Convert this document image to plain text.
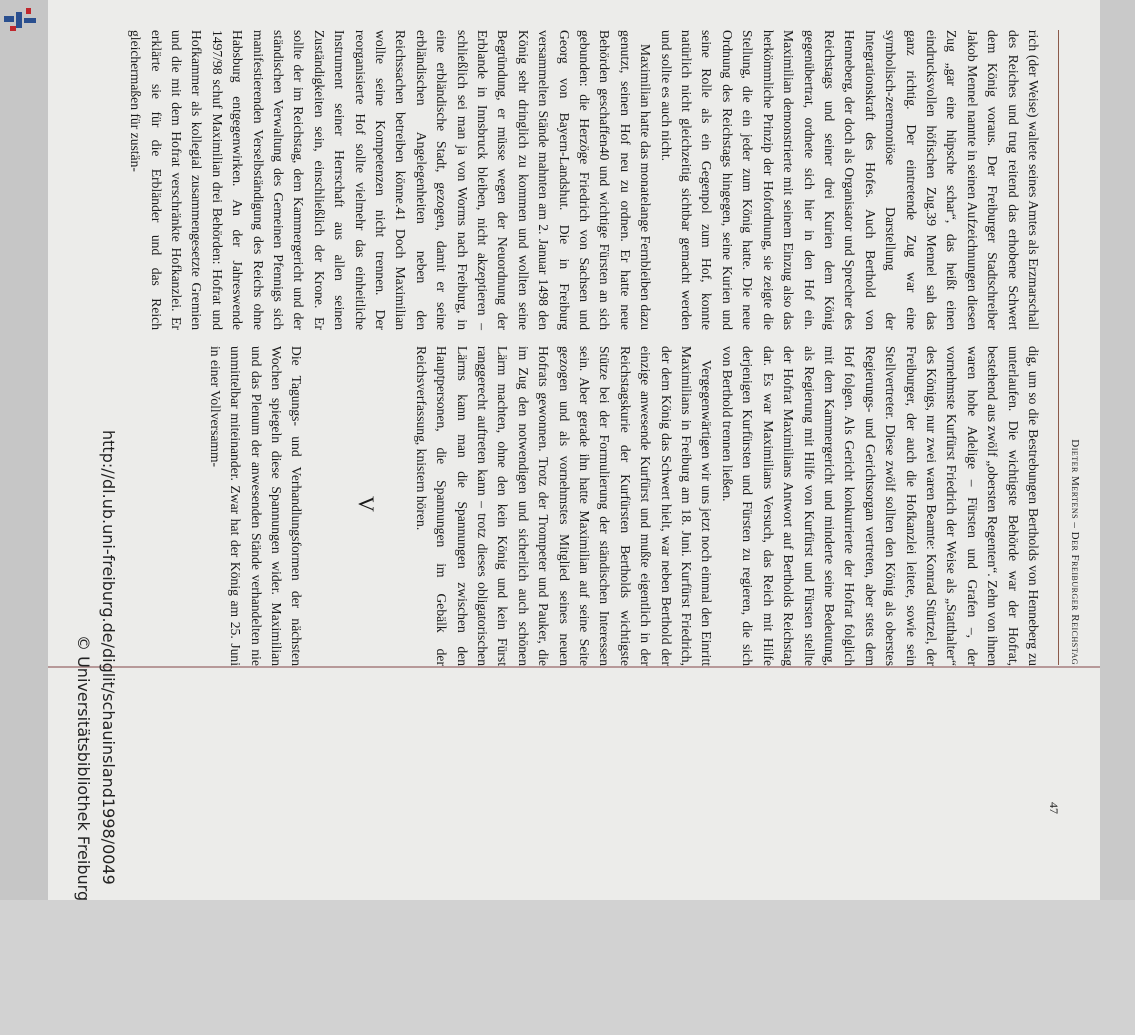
Dieter Mertens – Der Freiburger Reichstag
47

dig, um so die Bestrebungen Bertholds von Henneberg zu unterlaufen. Die wichtigste Behörde war der Hofrat, bestehend aus zwölf „obersten Regenten“. Zehn von ihnen waren hohe Adelige – Fürsten und Grafen –, der vornehmste Kurfürst Friedrich der Weise als „Statthalter“ des Königs, nur zwei waren Beamte: Konrad Stürtzel, der Freiburger, der auch die Hofkanzlei leitete, sowie sein Stellvertreter. Diese zwölf sollten den König als oberstes Regierungs- und Gerichtsorgan vertreten, aber stets dem Hof folgen. Als Gericht konkurrierte der Hofrat folglich mit dem Kammergericht und minderte seine Bedeutung, als Regierung mit Hilfe von Kurfürst und Fürsten stellte der Hofrat Maximilians Antwort auf Bertholds Reichstag dar. Es war Maximilians Versuch, das Reich mit Hilfe derjenigen Kurfürsten und Fürsten zu regieren, die sich von Berthold trennen ließen.

Vergegenwärtigen wir uns jetzt noch einmal den Einritt Maximilians in Freiburg am 18. Juni. Kurfürst Friedrich, der dem König das Schwert hielt, war neben Berthold der einzige anwesende Kurfürst und mußte eigentlich in der Reichstagskurie der Kurfürsten Bertholds wichtigste Stütze bei der Formulierung der ständischen Interessen sein. Aber gerade ihn hatte Maximilian auf seine Seite gezogen und als vornehmstes Mitglied seines neuen Hofrats gewonnen. Trotz der Trompeter und Pauker, die im Zug den notwendigen und sicherlich auch schönen Lärm machten, ohne den kein König und kein Fürst ranggerecht auftreten kann – trotz dieses obligatorischen Lärms kann man die Spannungen zwischen den Hauptpersonen, die Spannungen im Gebälk der Reichsverfassung, knistern hören.

V

Die Tagungs- und Verhandlungsformen der nächsten Wochen spiegeln diese Spannungen wider. Maximilian und das Plenum der anwesenden Stände verhandelten nie unmittelbar miteinander. Zwar hat der König am 25. Juni in einer Vollversamm-

rich (der Weise) waltete seines Amtes als Erzmarschall des Reiches und trug reitend das erhobene Schwert dem König voraus. Der Freiburger Stadtschreiber Jakob Mennel nannte in seinen Aufzeichnungen diesen Zug „gar eine hüpsche schar“, das heißt einen eindrucksvollen höfischen Zug.39 Mennel sah das ganz richtig. Der eintretende Zug war eine symbolisch-zeremoniöse Darstellung der Integrationskraft des Hofes. Auch Berthold von Henneberg, der doch als Organisator und Sprecher des Reichstags und seiner drei Kurien dem König gegenübertrat, ordnete sich hier in den Hof ein. Maximilian demonstrierte mit seinem Einzug also das herkömmliche Prinzip der Hofordnung, sie zeigte die Stellung, die ein jeder zum König hatte. Die neue Ordnung des Reichstags hingegen, seine Kurien und seine Rolle als ein Gegenpol zum Hof, konnte natürlich nicht gleichzeitig sichtbar gemacht werden und sollte es auch nicht.

Maximilian hatte das monatelange Fernbleiben dazu genutzt, seinen Hof neu zu ordnen. Er hatte neue Behörden geschaffen40 und wichtige Fürsten an sich gebunden: die Herzöge Friedrich von Sachsen und Georg von Bayern-Landshut. Die in Freiburg versammelten Stände mahnten am 2. Januar 1498 den König sehr dringlich zu kommen und wollten seine Begründung, er müsse wegen der Neuordnung der Erblande in Innsbruck bleiben, nicht akzeptieren – schließlich sei man ja von Worms nach Freiburg, in eine erbländische Stadt, gezogen, damit er seine erbländischen Angelegenheiten neben den Reichssachen betreiben könne.41 Doch Maximilian wollte seine Kompetenzen nicht trennen. Der reorganisierte Hof sollte vielmehr das einheitliche Instrument seiner Herrschaft aus allen seinen Zuständigkeiten sein, einschließlich der Krone. Er sollte der im Reichstag, dem Kammergericht und der ständischen Verwaltung des Gemeinen Pfennigs sich manifestierenden Verselbständigung des Reichs ohne Habsburg entgegenwirken. An der Jahreswende 1497/98 schuf Maximilian drei Behörden: Hofrat und Hofkammer als kollegial zusammengesetzte Gremien und die mit dem Hofrat verschränkte Hofkanzlei. Er erklärte sie für die Erbländer und das Reich gleichermaßen für zustän-

http://dl.ub.uni-freiburg.de/diglit/schauinsland1998/0049
© Universitätsbibliothek Freiburg
